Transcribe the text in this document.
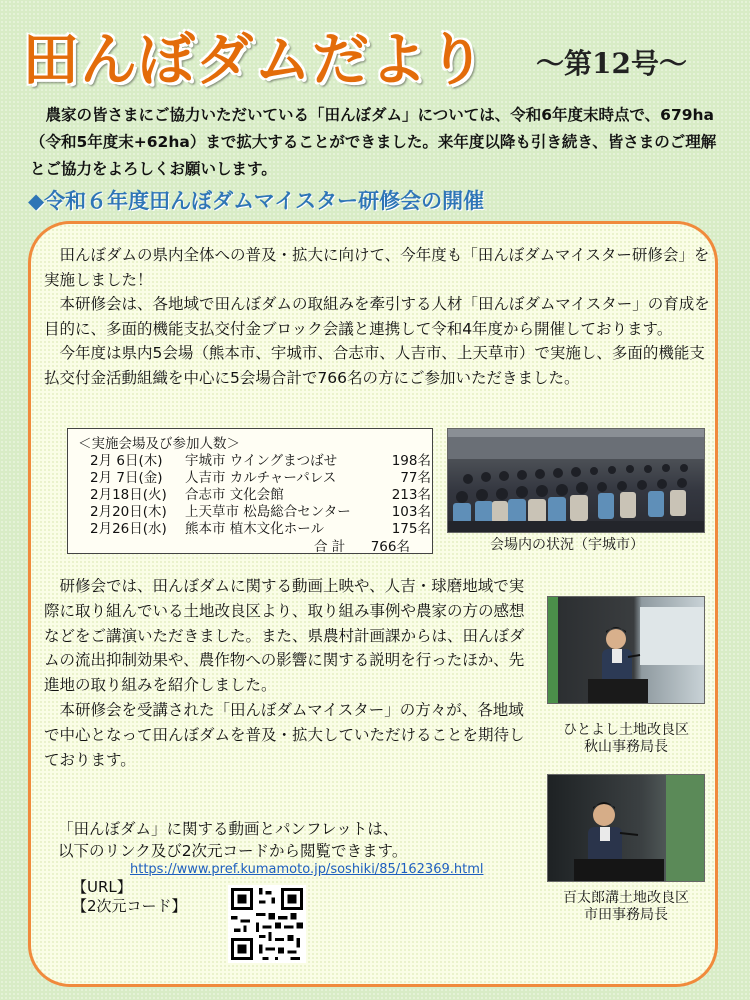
田んぼダムだより ～第12号～
農家の皆さまにご協力いただいている「田んぼダム」については、令和6年度末時点で、679ha（令和5年度末+62ha）まで拡大することができました。来年度以降も引き続き、皆さまのご理解とご協力をよろしくお願いします。
◆令和６年度田んぼダムマイスター研修会の開催

田んぼダムの県内全体への普及・拡大に向けて、今年度も「田んぼダムマイスター研修会」を実施しました！

本研修会は、各地域で田んぼダムの取組みを牽引する人材「田んぼダムマイスター」の育成を目的に、多面的機能支払交付金ブロック会議と連携して令和4年度から開催しております。

今年度は県内5会場（熊本市、宇城市、合志市、人吉市、上天草市）で実施し、多面的機能支払交付金活動組織を中心に5会場合計で766名の方にご参加いただきました。

＜実施会場及び参加人数＞
2月 6日(木) 宇城市 ウイングまつばせ	198名
2月 7日(金) 人吉市 カルチャーパレス	77名
2月18日(火) 合志市 文化会館	213名
2月20日(木) 上天草市 松島総合センター	103名
2月26日(水) 熊本市 植木文化ホール	175名
合 計	766名	会場内の状況（宇城市）
ひとよし土地改良区
秋山事務局長
百太郎溝土地改良区
市田事務局長

研修会では、田んぼダムに関する動画上映や、人吉・球磨地域で実際に取り組んでいる土地改良区より、取り組み事例や農家の方の感想などをご講演いただきました。また、県農村計画課からは、田んぼダムの流出抑制効果や、農作物への影響に関する説明を行ったほか、先進地の取り組みを紹介しました。

本研修会を受講された「田んぼダムマイスター」の方々が、各地域で中心となって田んぼダムを普及・拡大していただけることを期待しております。

「田んぼダム」に関する動画とパンフレットは、
以下のリンク及び2次元コードから閲覧できます。
https://www.pref.kumamoto.jp/soshiki/85/162369.html
【URL】
【2次元コード】
